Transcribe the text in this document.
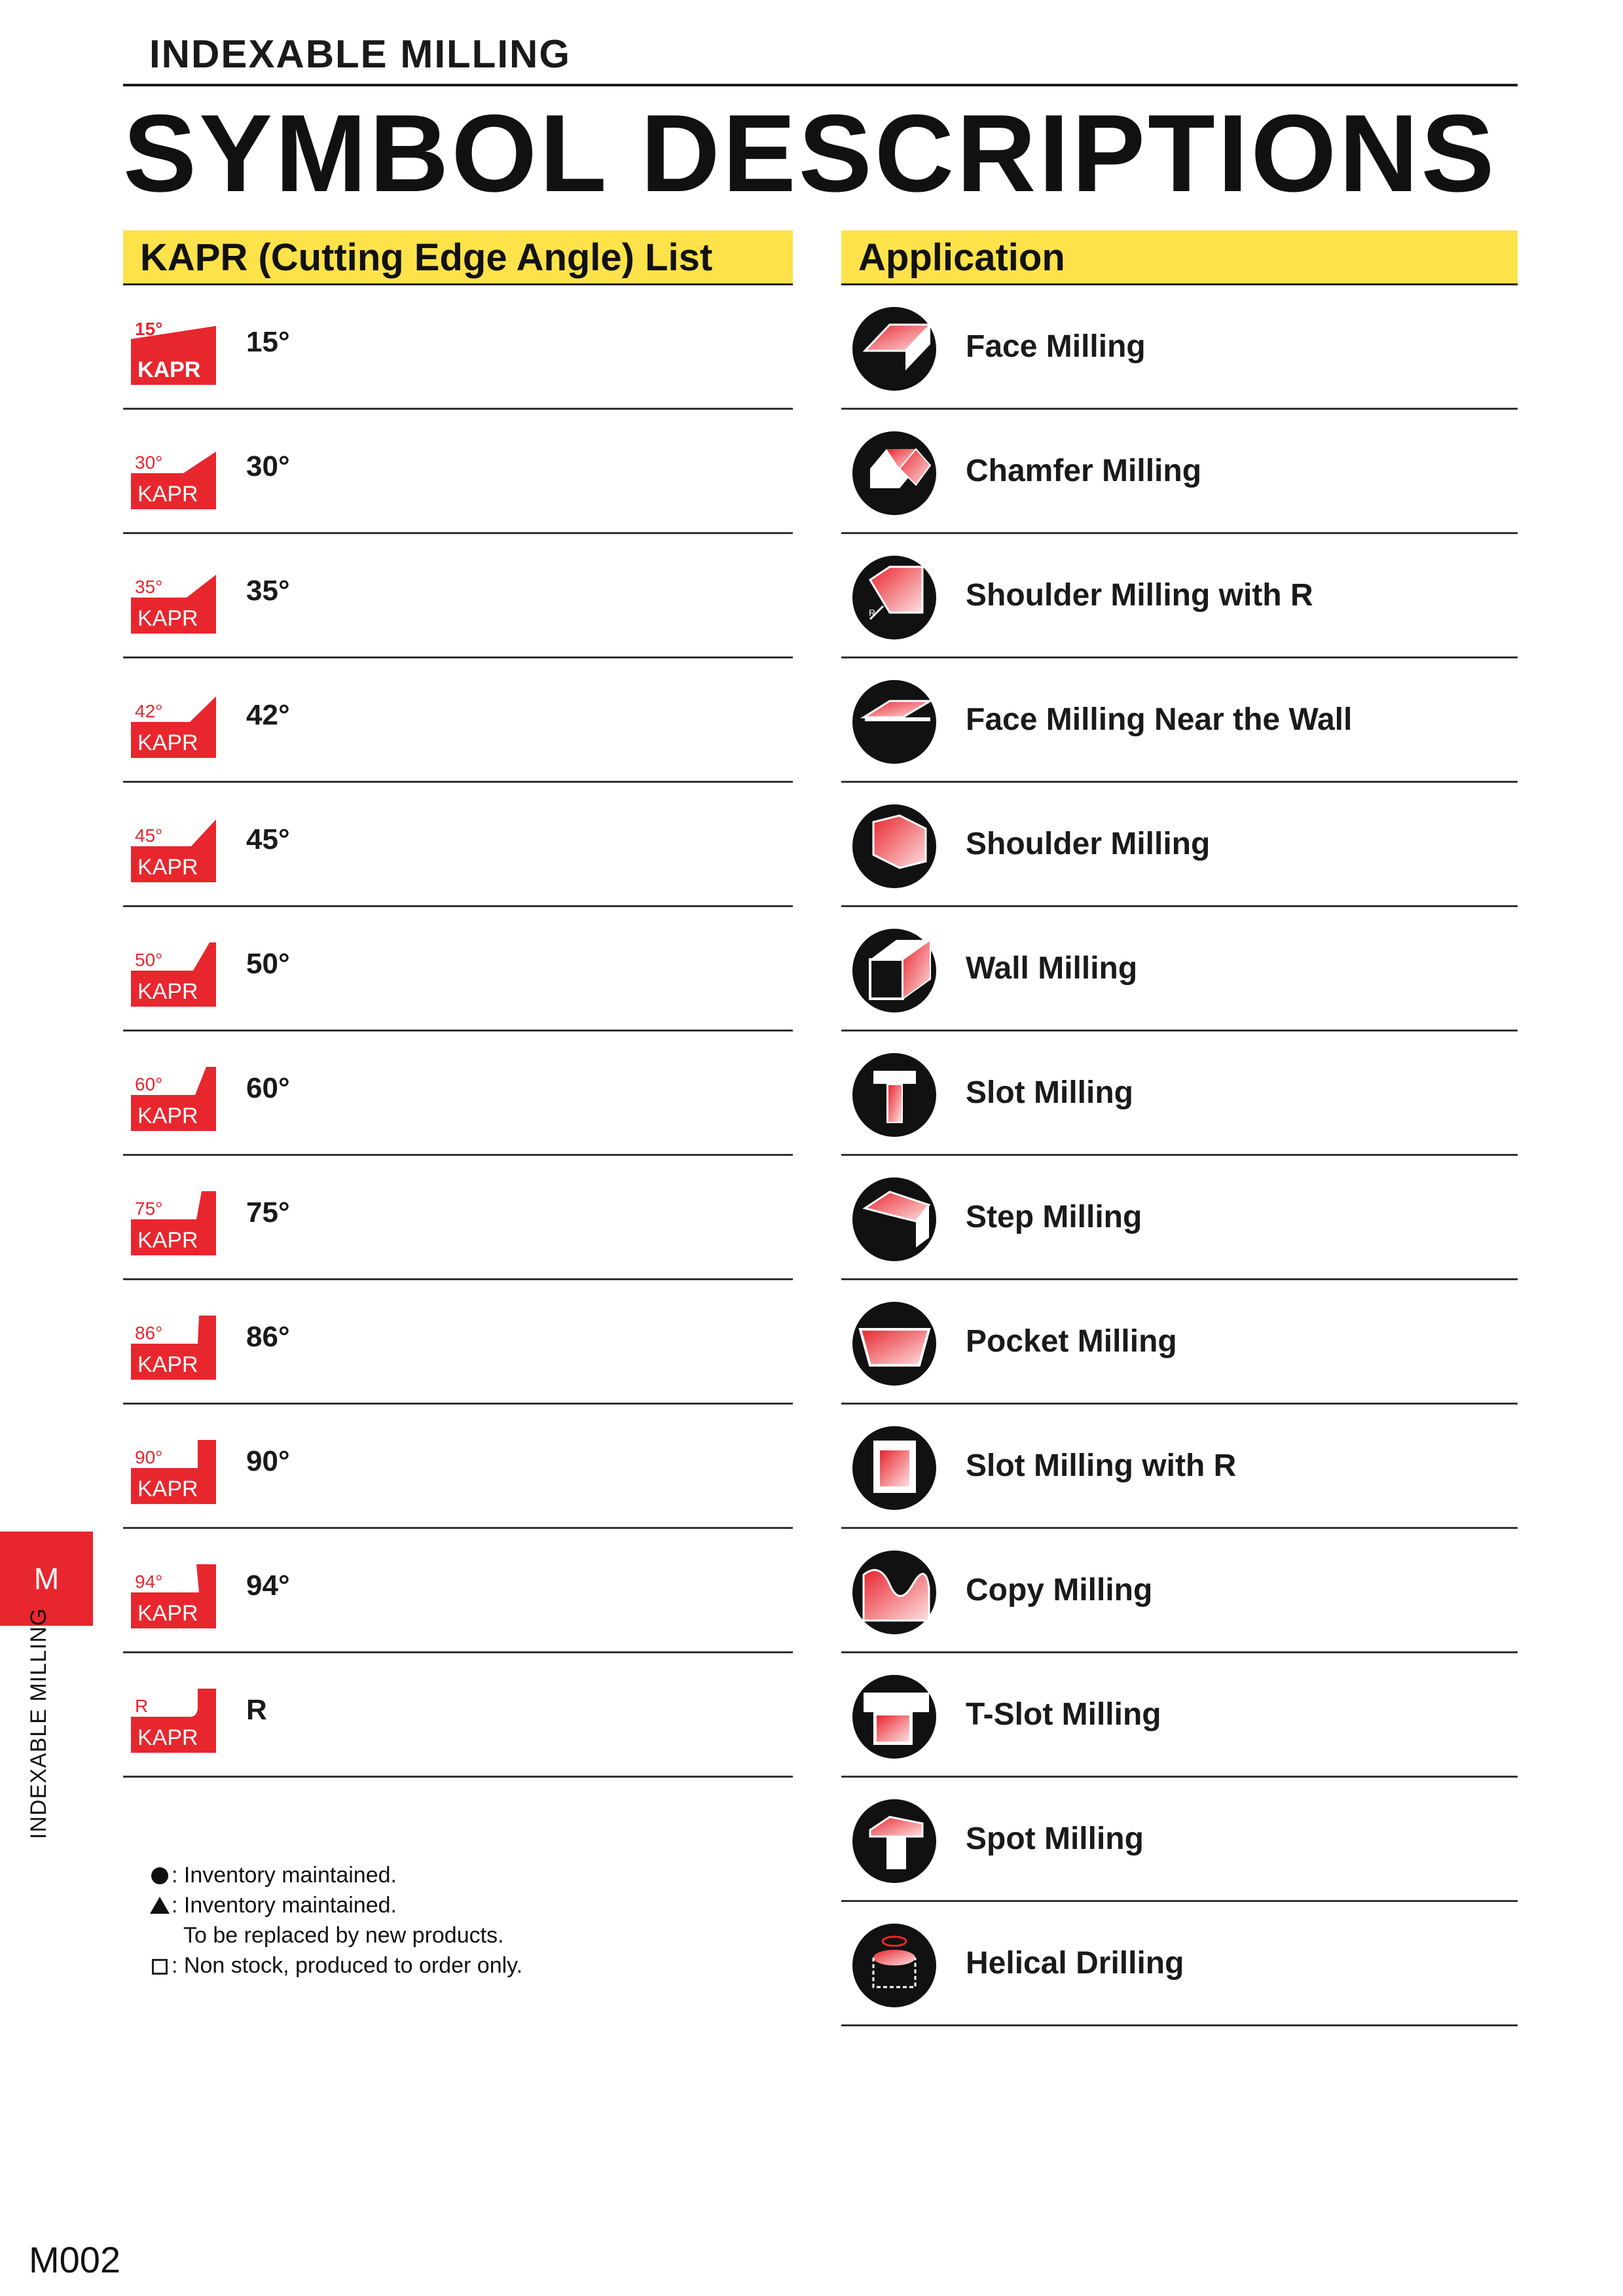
INDEXABLE MILLING
SYMBOL DESCRIPTIONS
KAPR (Cutting Edge Angle) List	Application
15°
KAPR
15°
30°
KAPR
30°
35°
KAPR
35°
42°
KAPR
42°
45°
KAPR
45°
50°
KAPR
50°
60°
KAPR
60°
75°
KAPR
75°
86°
KAPR
86°
90°
KAPR
90°
94°
KAPR
94°
R
KAPR
R
Face Milling
Chamfer Milling
R	Shoulder Milling with R
Face Milling Near the Wall
Shoulder Milling
Wall Milling
Slot Milling
Step Milling
Pocket Milling
Slot Milling with R
Copy Milling
T-Slot Milling
Spot Milling
Helical Drilling
: Inventory maintained.
: Inventory maintained.
To be replaced by new products.
: Non stock, produced to order only.
M
INDEXABLE MILLING
M002
